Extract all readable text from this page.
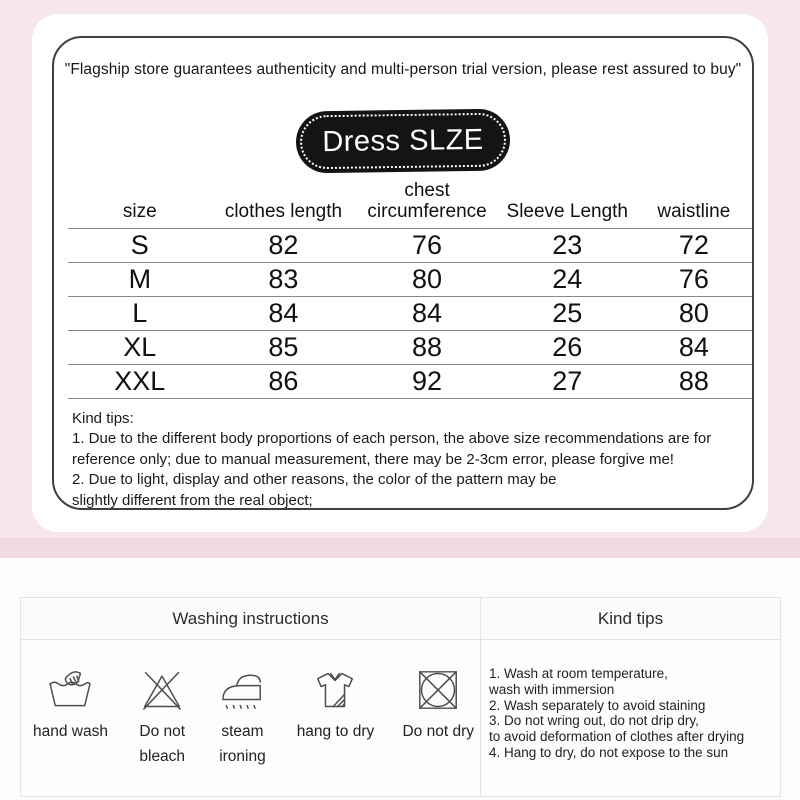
"Flagship store guarantees authenticity and multi-person trial version, please rest assured to buy"
Dress SLZE
size	clothes length	chest circumference	Sleeve Length	waistline
S	82	76	23	72
M	83	80	24	76
L	84	84	25	80
XL	85	88	26	84
XXL	86	92	27	88
Kind tips:
1. Due to the different body proportions of each person, the above size recommendations are for
reference only; due to manual measurement, there may be 2-3cm error, please forgive me!
2. Due to light, display and other reasons, the color of the pattern may be
slightly different from the real object;
Washing instructions	Kind tips
hand wash Do not
bleach
steam
ironing
hang to dry Do not dry
1. Wash at room temperature,
wash with immersion
2. Wash separately to avoid staining
3. Do not wring out, do not drip dry,
to avoid deformation of clothes after drying
4. Hang to dry, do not expose to the sun
